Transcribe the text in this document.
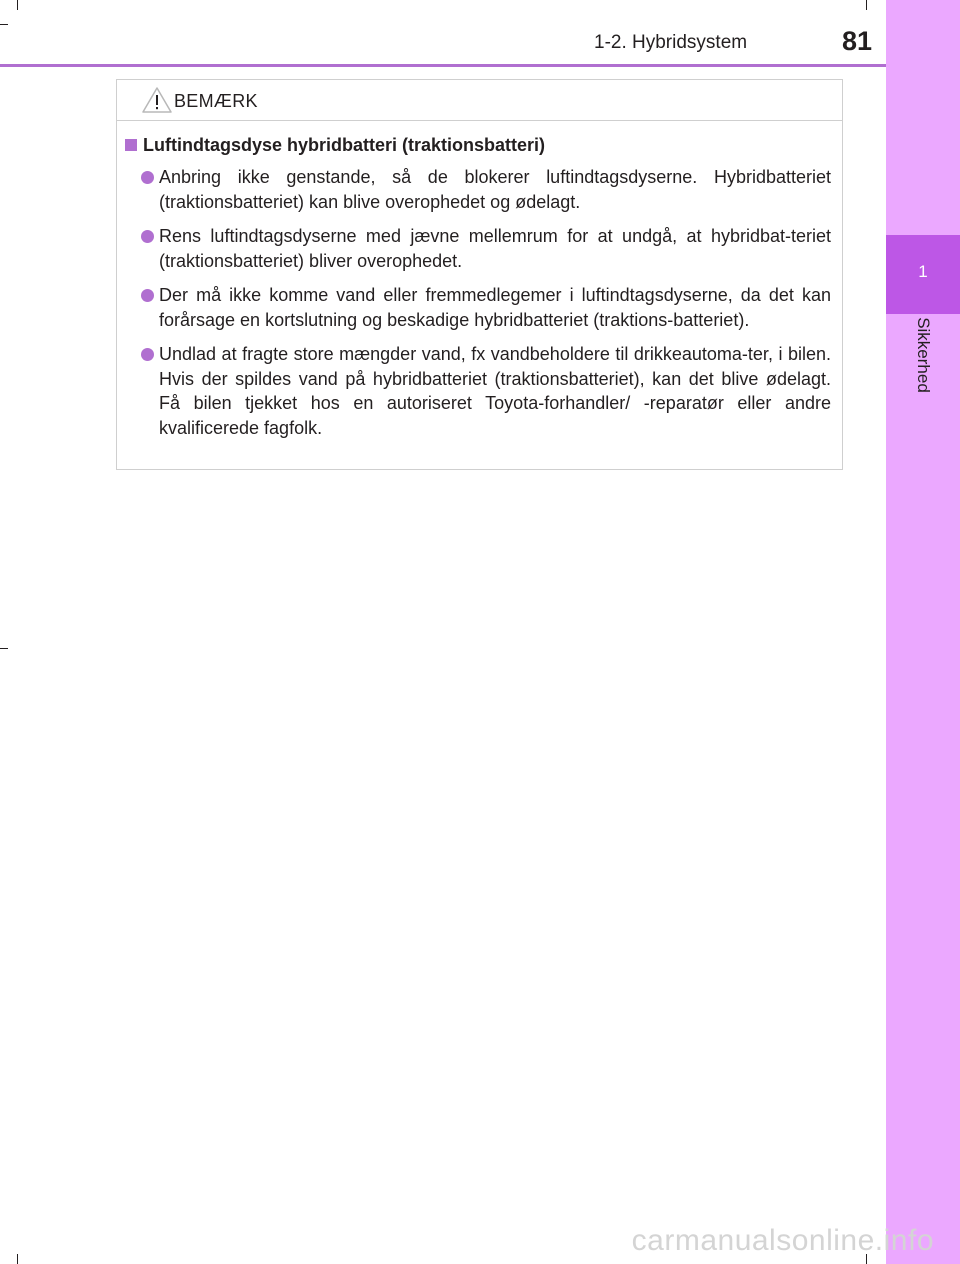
1-2. Hybridsystem	81
1
Sikkerhed
BEMÆRK
Luftindtagsdyse hybridbatteri (traktionsbatteri)
Anbring ikke genstande, så de blokerer luftindtagsdyserne. Hybridbatteriet (traktionsbatteriet) kan blive overophedet og ødelagt.
Rens luftindtagsdyserne med jævne mellemrum for at undgå, at hybridbat-teriet (traktionsbatteriet) bliver overophedet.
Der må ikke komme vand eller fremmedlegemer i luftindtagsdyserne, da det kan forårsage en kortslutning og beskadige hybridbatteriet (traktions-batteriet).
Undlad at fragte store mængder vand, fx vandbeholdere til drikkeautoma-ter, i bilen. Hvis der spildes vand på hybridbatteriet (traktionsbatteriet), kan det blive ødelagt. Få bilen tjekket hos en autoriseret Toyota-forhandler/ -reparatør eller andre kvalificerede fagfolk.
carmanualsonline.info
